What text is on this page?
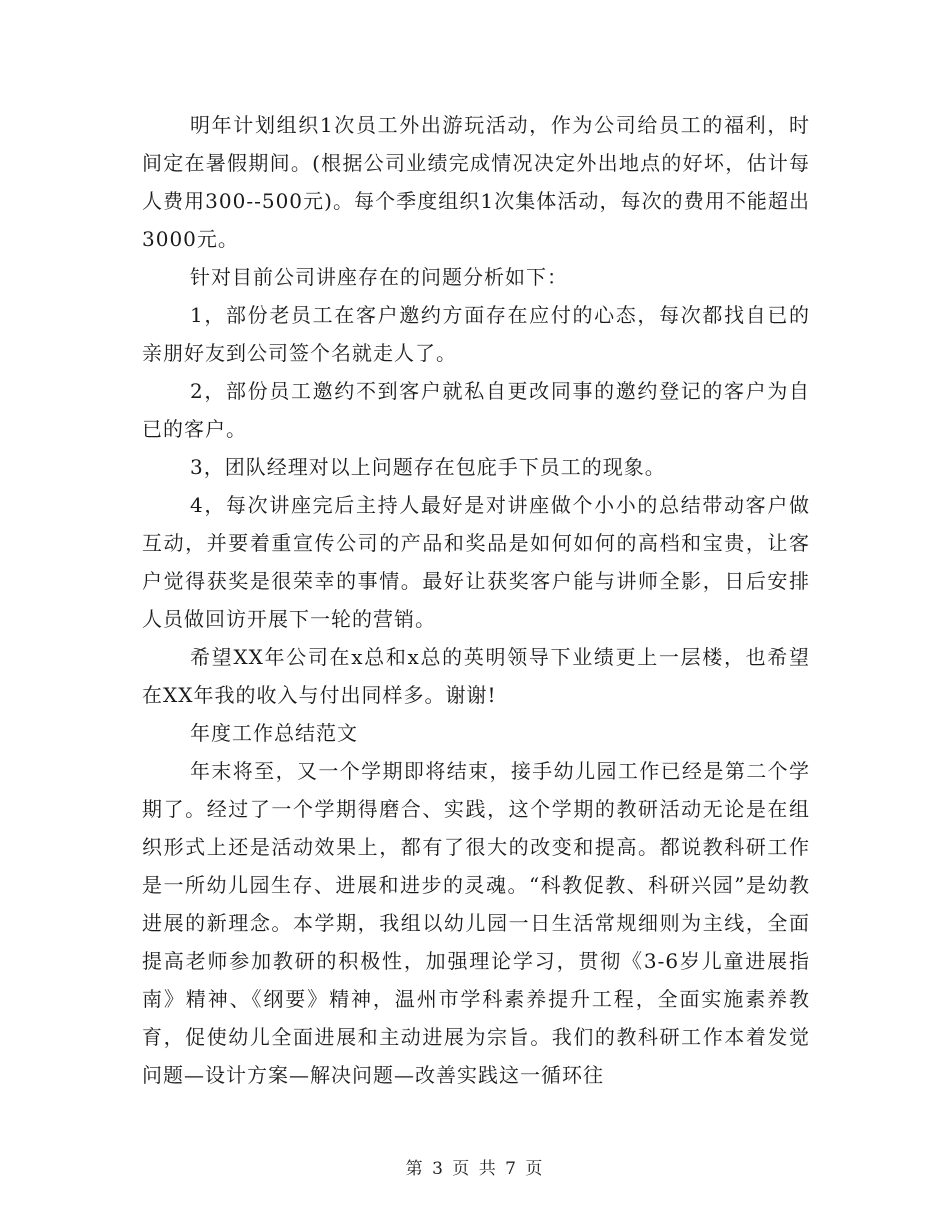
明年计划组织1次员工外出游玩活动，作为公司给员工的福利，时间定在暑假期间。(根据公司业绩完成情况决定外出地点的好坏，估计每人费用300--500元)。每个季度组织1次集体活动，每次的费用不能超出3000元。

针对目前公司讲座存在的问题分析如下：

1，部份老员工在客户邀约方面存在应付的心态，每次都找自已的亲朋好友到公司签个名就走人了。

2，部份员工邀约不到客户就私自更改同事的邀约登记的客户为自已的客户。

3，团队经理对以上问题存在包庇手下员工的现象。

4，每次讲座完后主持人最好是对讲座做个小小的总结带动客户做互动，并要着重宣传公司的产品和奖品是如何如何的高档和宝贵，让客户觉得获奖是很荣幸的事情。最好让获奖客户能与讲师全影，日后安排人员做回访开展下一轮的营销。

希望XX年公司在x总和x总的英明领导下业绩更上一层楼，也希望在XX年我的收入与付出同样多。谢谢!

年度工作总结范文

年末将至，又一个学期即将结束，接手幼儿园工作已经是第二个学期了。经过了一个学期得磨合、实践，这个学期的教研活动无论是在组织形式上还是活动效果上，都有了很大的改变和提高。都说教科研工作是一所幼儿园生存、进展和进步的灵魂。“科教促教、科研兴园”是幼教进展的新理念。本学期，我组以幼儿园一日生活常规细则为主线，全面提高老师参加教研的积极性，加强理论学习，贯彻《3-6岁儿童进展指南》精神、《纲要》精神，温州市学科素养提升工程，全面实施素养教育，促使幼儿全面进展和主动进展为宗旨。我们的教科研工作本着发觉问题—设计方案—解决问题—改善实践这一循环往

第 3 页 共 7 页
